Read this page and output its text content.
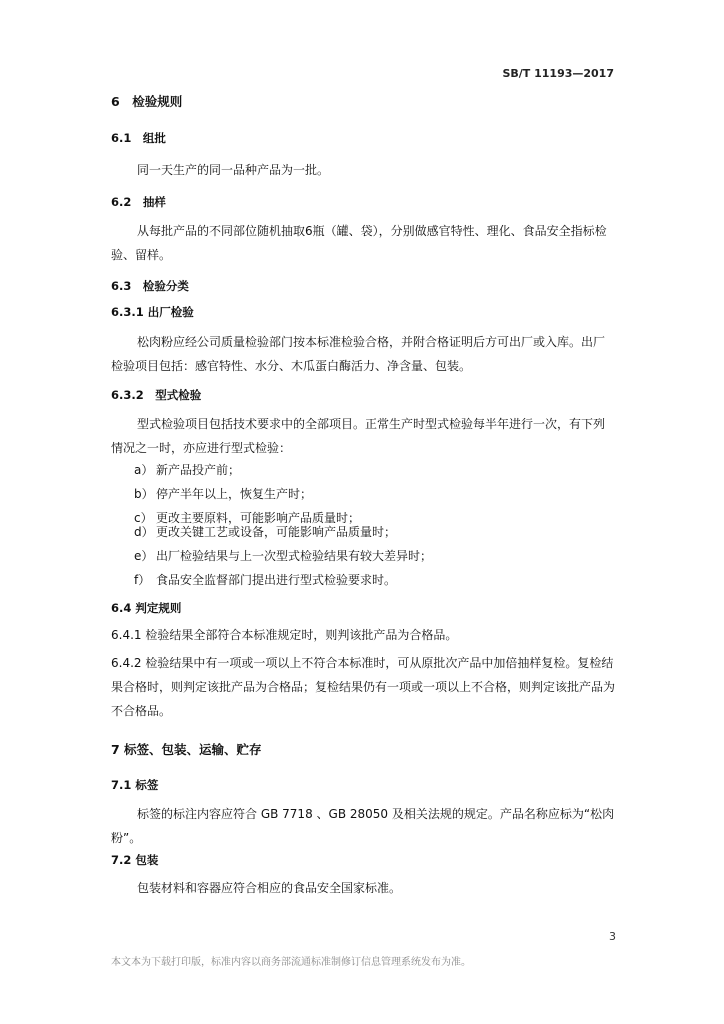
SB/T 11193—2017
6　检验规则
6.1　组批
同一天生产的同一品种产品为一批。
6.2　抽样
从每批产品的不同部位随机抽取6瓶（罐、袋），分别做感官特性、理化、食品安全指标检验、留样。
6.3　检验分类
6.3.1 出厂检验
松肉粉应经公司质量检验部门按本标准检验合格，并附合格证明后方可出厂或入库。出厂检验项目包括：感官特性、水分、木瓜蛋白酶活力、净含量、包装。
6.3.2　型式检验
型式检验项目包括技术要求中的全部项目。正常生产时型式检验每半年进行一次，有下列情况之一时，亦应进行型式检验：
a） 新产品投产前；
b） 停产半年以上，恢复生产时；
c） 更改主要原料，可能影响产品质量时；
d） 更改关键工艺或设备，可能影响产品质量时；
e） 出厂检验结果与上一次型式检验结果有较大差异时；
f） 食品安全监督部门提出进行型式检验要求时。
6.4 判定规则
6.4.1 检验结果全部符合本标准规定时，则判该批产品为合格品。
6.4.2 检验结果中有一项或一项以上不符合本标准时，可从原批次产品中加倍抽样复检。复检结果合格时，则判定该批产品为合格品；复检结果仍有一项或一项以上不合格，则判定该批产品为不合格品。
7 标签、包装、运输、贮存
7.1 标签
标签的标注内容应符合 GB 7718 、GB 28050 及相关法规的规定。产品名称应标为“松肉粉”。
7.2 包装
包装材料和容器应符合相应的食品安全国家标准。
3
本文本为下载打印版，标准内容以商务部流通标准制修订信息管理系统发布为准。
